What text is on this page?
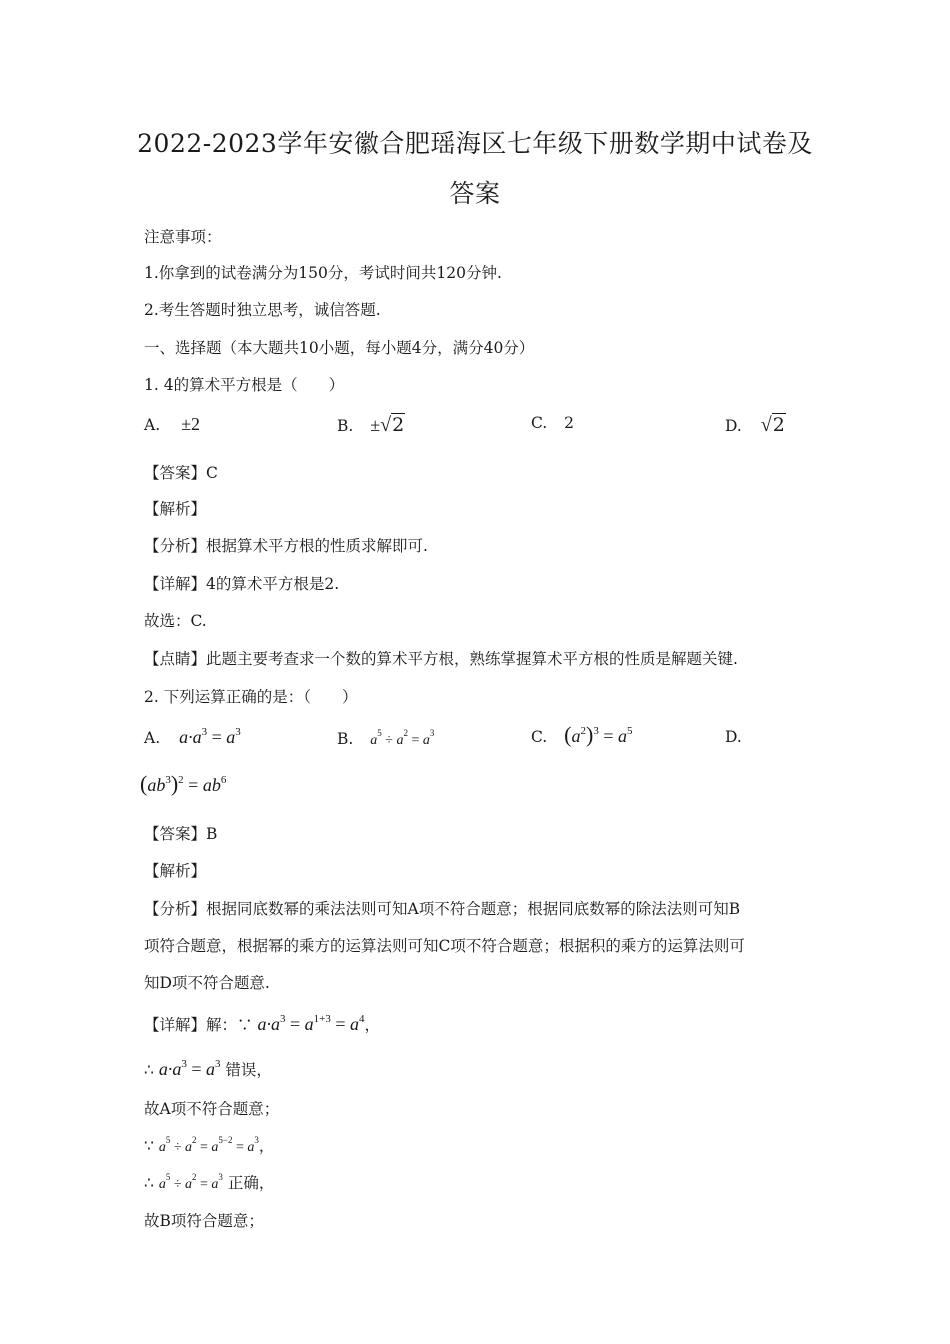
2022-2023学年安徽合肥瑶海区七年级下册数学期中试卷及
答案
注意事项：
1.你拿到的试卷满分为150分，考试时间共120分钟.
2.考生答题时独立思考，诚信答题.
一、选择题（本大题共10小题，每小题4分，满分40分）
1. 4的算术平方根是（　　）
A. ±2	B. ±√2	C. 2	D. √2
【答案】C
【解析】
【分析】根据算术平方根的性质求解即可.
【详解】4的算术平方根是2.
故选：C.
【点睛】此题主要考查求一个数的算术平方根，熟练掌握算术平方根的性质是解题关键.
2. 下列运算正确的是：（　　）
A. $a\cdot a^3 = a^3$	B. $a^5 \div a^2 = a^3$	C. $(a^2)^3 = a^5$	D.
$(ab^3)^2 = ab^6$
【答案】B
【解析】
【分析】根据同底数幂的乘法法则可知A项不符合题意；根据同底数幂的除法法则可知B
项符合题意，根据幂的乘方的运算法则可知C项不符合题意；根据积的乘方的运算法则可
知D项不符合题意.
【详解】解：∵ $a\cdot a^3 = a^{1+3} = a^4$，
∴ $a\cdot a^3 = a^3$ 错误，
故A项不符合题意；
∵ $a^5 \div a^2 = a^{5-2} = a^3$，
∴ $a^5 \div a^2 = a^3$ 正确，
故B项符合题意；
